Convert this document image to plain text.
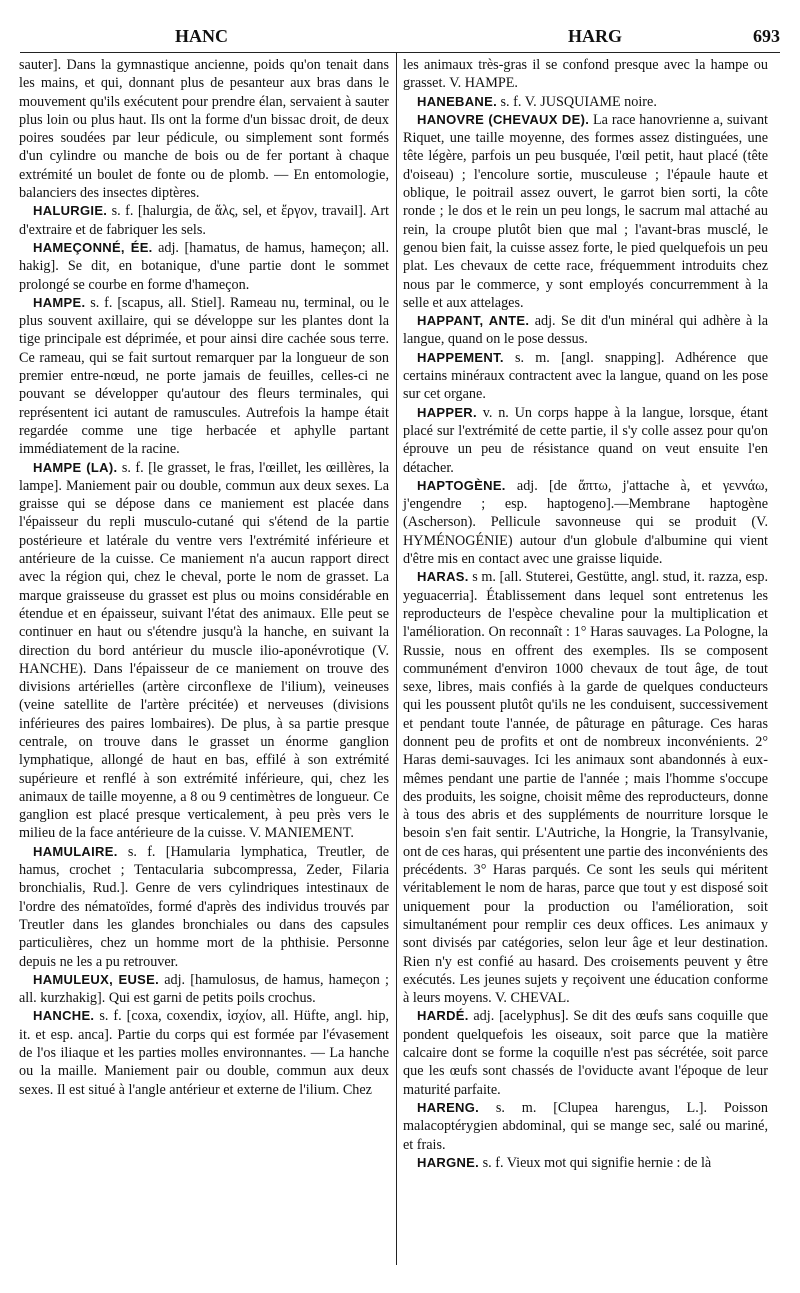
HANC	HARG	693

sauter]. Dans la gymnastique ancienne, poids qu'on tenait dans les mains, et qui, donnant plus de pesanteur aux bras dans le mouvement qu'ils exécutent pour prendre élan, servaient à sauter plus loin ou plus haut. Ils ont la forme d'un bissac droit, de deux poires soudées par leur pédicule, ou simplement sont formés d'un cylindre ou manche de bois ou de fer portant à chaque extrémité un boulet de fonte ou de plomb. — En entomologie, balanciers des insectes diptères.

HALURGIE. s. f. [halurgia, de ἅλς, sel, et ἔργον, travail]. Art d'extraire et de fabriquer les sels.

HAMEÇONNÉ, ÉE. adj. [hamatus, de hamus, hameçon; all. hakig]. Se dit, en botanique, d'une partie dont le sommet prolongé se courbe en forme d'hameçon.

HAMPE. s. f. [scapus, all. Stiel]. Rameau nu, terminal, ou le plus souvent axillaire, qui se développe sur les plantes dont la tige principale est déprimée, et pour ainsi dire cachée sous terre. Ce rameau, qui se fait surtout remarquer par la longueur de son premier entre-nœud, ne porte jamais de feuilles, celles-ci ne pouvant se développer qu'autour des fleurs terminales, qui représentent ici autant de ramuscules. Autrefois la hampe était regardée comme une tige herbacée et aphylle partant immédiatement de la racine.

HAMPE (LA). s. f. [le grasset, le fras, l'œillet, les œillères, la lampe]. Maniement pair ou double, commun aux deux sexes. La graisse qui se dépose dans ce maniement est placée dans l'épaisseur du repli musculo-cutané qui s'étend de la partie postérieure et latérale du ventre vers l'extrémité inférieure et antérieure de la cuisse. Ce maniement n'a aucun rapport direct avec la région qui, chez le cheval, porte le nom de grasset. La marque graisseuse du grasset est plus ou moins considérable en étendue et en épaisseur, suivant l'état des animaux. Elle peut se continuer en haut ou s'étendre jusqu'à la hanche, en suivant la direction du bord antérieur du muscle ilio-aponévrotique (V. HANCHE). Dans l'épaisseur de ce maniement on trouve des divisions artérielles (artère circonflexe de l'ilium), veineuses (veine satellite de l'artère précitée) et nerveuses (divisions inférieures des paires lombaires). De plus, à sa partie presque centrale, on trouve dans le grasset un énorme ganglion lymphatique, allongé de haut en bas, effilé à son extrémité supérieure et renflé à son extrémité inférieure, qui, chez les animaux de taille moyenne, a 8 ou 9 centimètres de longueur. Ce ganglion est placé presque verticalement, à peu près vers le milieu de la face antérieure de la cuisse. V. MANIEMENT.

HAMULAIRE. s. f. [Hamularia lymphatica, Treutler, de hamus, crochet ; Tentacularia subcompressa, Zeder, Filaria bronchialis, Rud.]. Genre de vers cylindriques intestinaux de l'ordre des nématoïdes, formé d'après des individus trouvés par Treutler dans les glandes bronchiales ou dans des capsules particulières, chez un homme mort de la phthisie. Personne depuis ne les a pu retrouver.

HAMULEUX, EUSE. adj. [hamulosus, de hamus, hameçon ; all. kurzhakig]. Qui est garni de petits poils crochus.

HANCHE. s. f. [coxa, coxendix, ἰσχίον, all. Hüfte, angl. hip, it. et esp. anca]. Partie du corps qui est formée par l'évasement de l'os iliaque et les parties molles environnantes. — La hanche ou la maille. Maniement pair ou double, commun aux deux sexes. Il est situé à l'angle antérieur et externe de l'ilium. Chez

les animaux très-gras il se confond presque avec la hampe ou grasset. V. HAMPE.

HANEBANE. s. f. V. JUSQUIAME noire.

HANOVRE (CHEVAUX DE). La race hanovrienne a, suivant Riquet, une taille moyenne, des formes assez distinguées, une tête légère, parfois un peu busquée, l'œil petit, haut placé (tête d'oiseau) ; l'encolure sortie, musculeuse ; l'épaule haute et oblique, le poitrail assez ouvert, le garrot bien sorti, la côte ronde ; le dos et le rein un peu longs, le sacrum mal attaché au rein, la croupe plutôt bien que mal ; l'avant-bras musclé, le genou bien fait, la cuisse assez forte, le pied quelquefois un peu plat. Les chevaux de cette race, fréquemment introduits chez nous par le commerce, y sont employés concurremment à la selle et aux attelages.

HAPPANT, ANTE. adj. Se dit d'un minéral qui adhère à la langue, quand on le pose dessus.

HAPPEMENT. s. m. [angl. snapping]. Adhérence que certains minéraux contractent avec la langue, quand on les pose sur cet organe.

HAPPER. v. n. Un corps happe à la langue, lorsque, étant placé sur l'extrémité de cette partie, il s'y colle assez pour qu'on éprouve un peu de résistance quand on veut ensuite l'en détacher.

HAPTOGÈNE. adj. [de ἅπτω, j'attache à, et γεννάω, j'engendre ; esp. haptogeno].—Membrane haptogène (Ascherson). Pellicule savonneuse qui se produit (V. HYMÉNOGÉNIE) autour d'un globule d'albumine qui vient d'être mis en contact avec une graisse liquide.

HARAS. s m. [all. Stuterei, Gestütte, angl. stud, it. razza, esp. yeguacerria]. Établissement dans lequel sont entretenus les reproducteurs de l'espèce chevaline pour la multiplication et l'amélioration. On reconnaît : 1° Haras sauvages. La Pologne, la Russie, nous en offrent des exemples. Ils se composent communément d'environ 1000 chevaux de tout âge, de tout sexe, libres, mais confiés à la garde de quelques conducteurs qui les poussent plutôt qu'ils ne les conduisent, successivement et pendant toute l'année, de pâturage en pâturage. Ces haras donnent peu de profits et ont de nombreux inconvénients. 2° Haras demi-sauvages. Ici les animaux sont abandonnés à eux-mêmes pendant une partie de l'année ; mais l'homme s'occupe des produits, les soigne, choisit même des reproducteurs, donne à tous des abris et des suppléments de nourriture lorsque le besoin s'en fait sentir. L'Autriche, la Hongrie, la Transylvanie, ont de ces haras, qui présentent une partie des inconvénients des précédents. 3° Haras parqués. Ce sont les seuls qui méritent véritablement le nom de haras, parce que tout y est disposé soit uniquement pour la production ou l'amélioration, soit simultanément pour remplir ces deux offices. Les animaux y sont divisés par catégories, selon leur âge et leur destination. Rien n'y est confié au hasard. Des croisements peuvent y être exécutés. Les jeunes sujets y reçoivent une éducation conforme à leurs moyens. V. CHEVAL.

HARDÉ. adj. [acelyphus]. Se dit des œufs sans coquille que pondent quelquefois les oiseaux, soit parce que la matière calcaire dont se forme la coquille n'est pas sécrétée, soit parce que les œufs sont chassés de l'oviducte avant l'époque de leur maturité parfaite.

HARENG. s. m. [Clupea harengus, L.]. Poisson malacoptérygien abdominal, qui se mange sec, salé ou mariné, et frais.

HARGNE. s. f. Vieux mot qui signifie hernie : de là
